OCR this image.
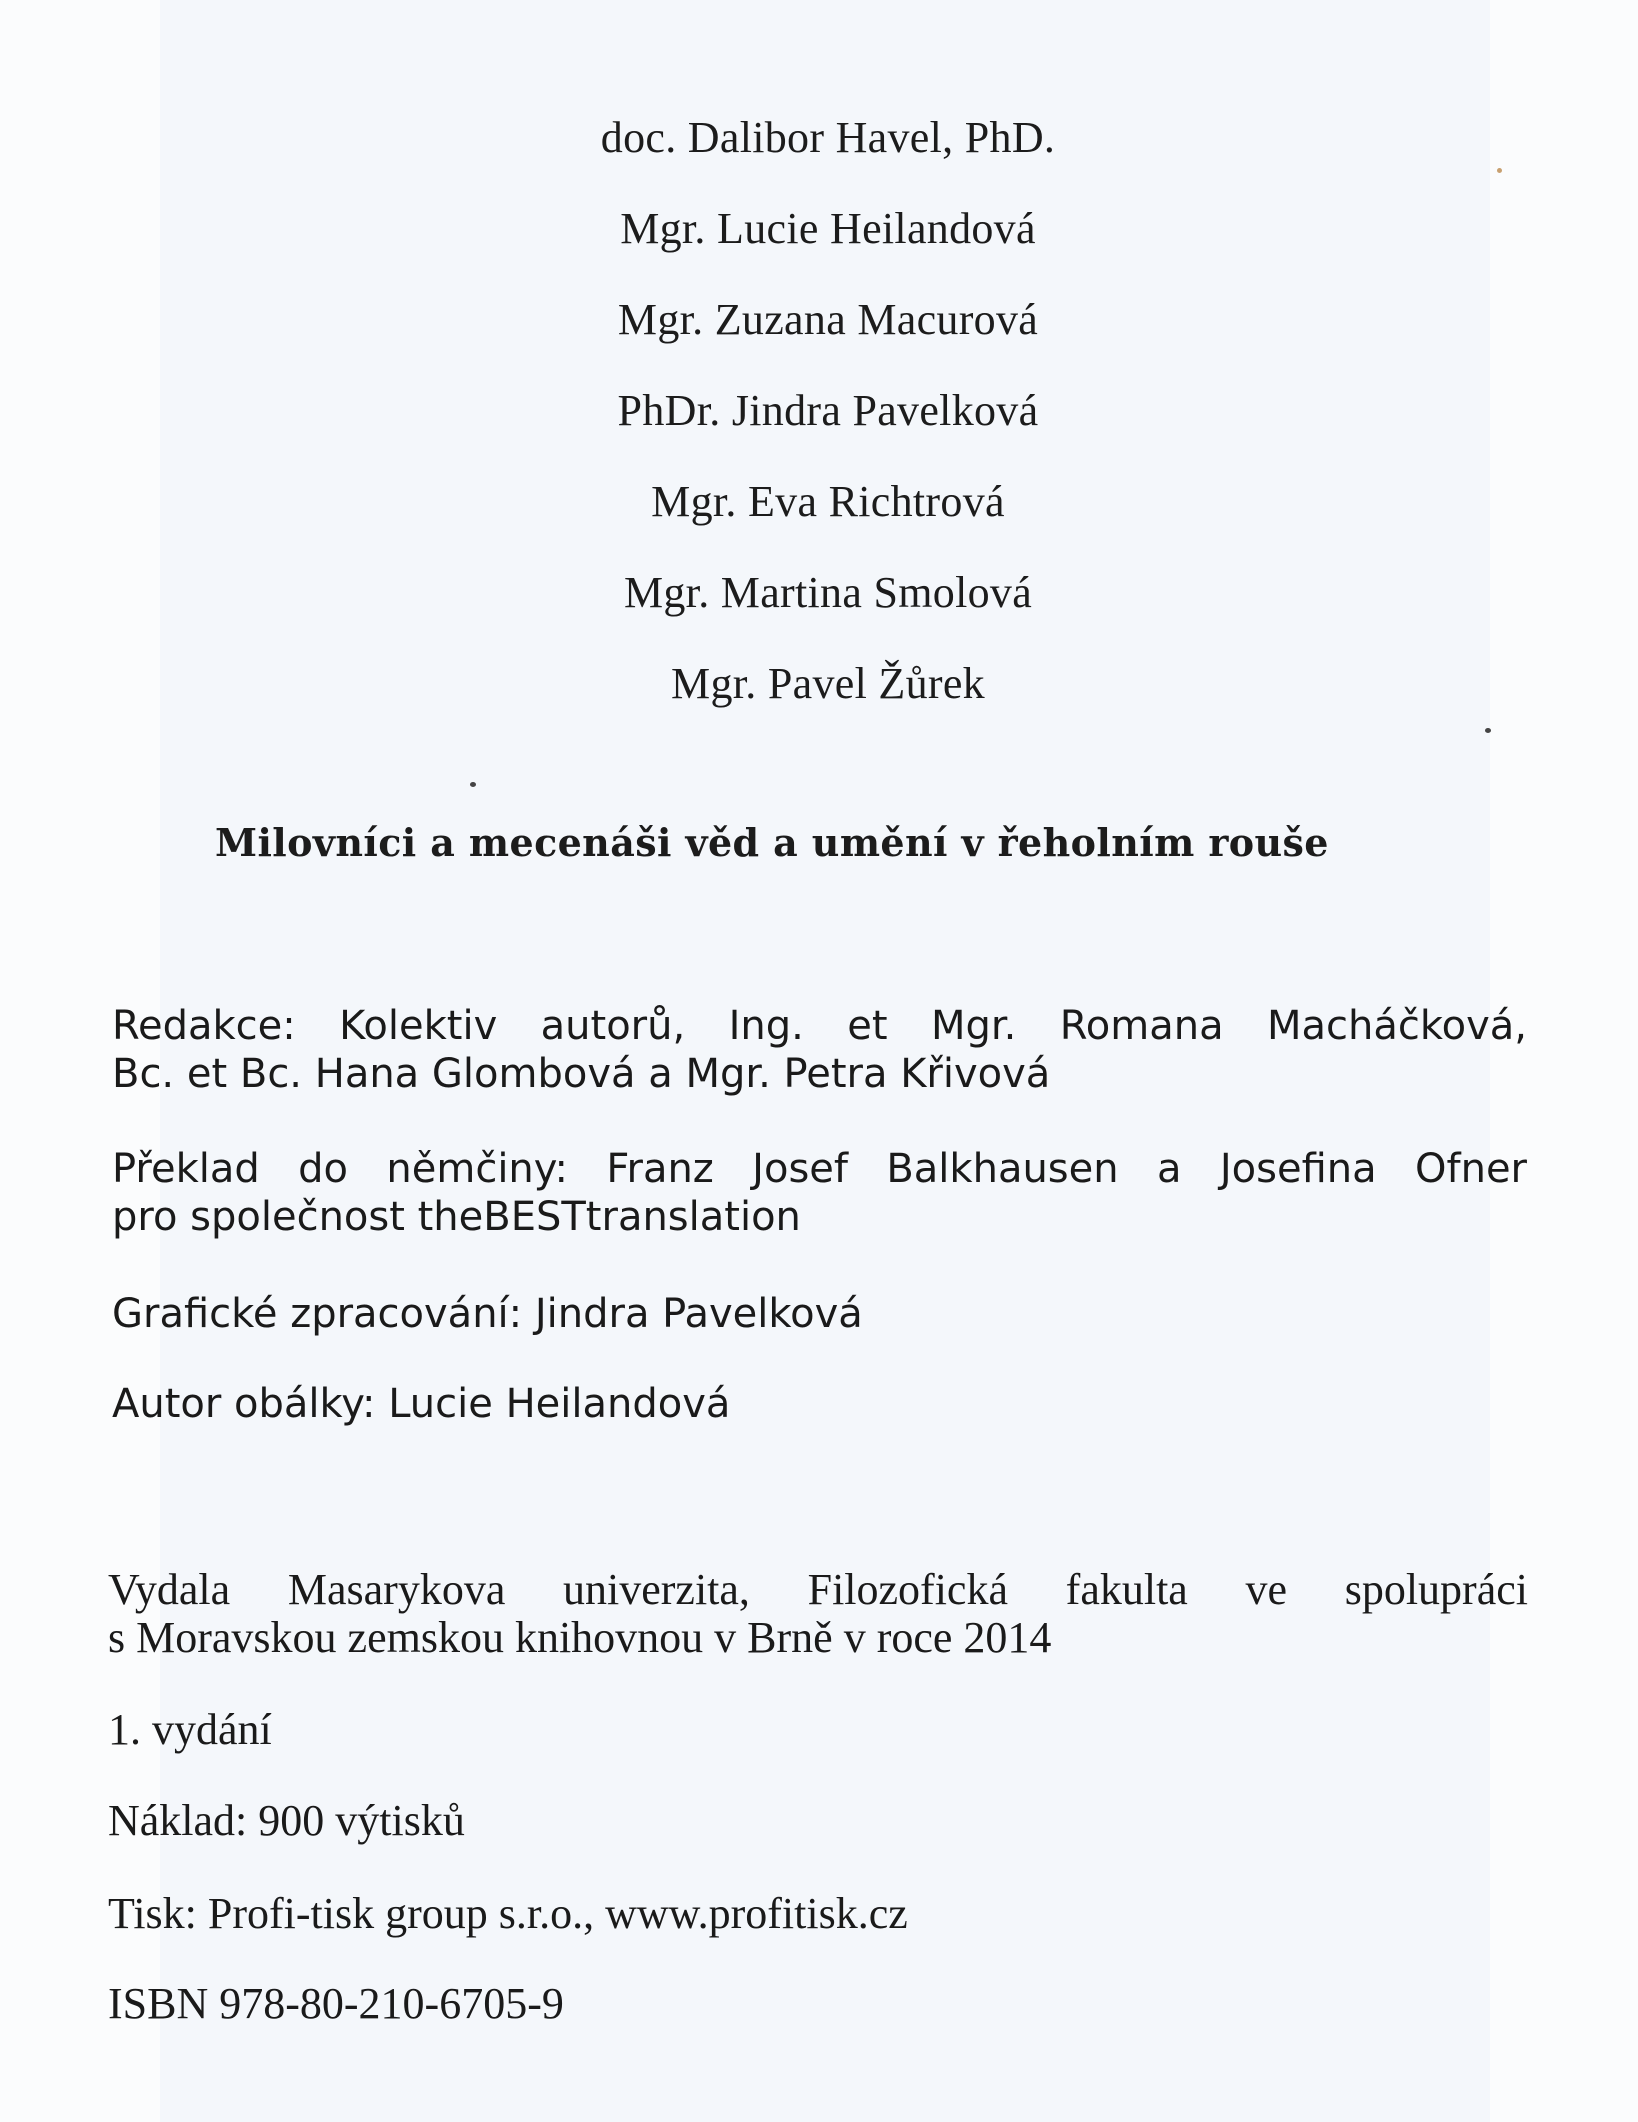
doc. Dalibor Havel, PhD.
Mgr. Lucie Heilandová
Mgr. Zuzana Macurová
PhDr. Jindra Pavelková
Mgr. Eva Richtrová
Mgr. Martina Smolová
Mgr. Pavel Žůrek
Milovníci a mecenáši věd a umění v řeholním rouše
Redakce: Kolektiv autorů, Ing. et Mgr. Romana Macháčková,
Bc. et Bc. Hana Glombová a Mgr. Petra Křivová
Překlad do němčiny: Franz Josef Balkhausen a Josefina Ofner
pro společnost theBESTtranslation
Grafické zpracování: Jindra Pavelková
Autor obálky: Lucie Heilandová
Vydala Masarykova univerzita, Filozofická fakulta ve spolupráci
s Moravskou zemskou knihovnou v Brně v roce 2014
1. vydání
Náklad: 900 výtisků
Tisk: Profi-tisk group s.r.o., www.profitisk.cz
ISBN 978-80-210-6705-9
